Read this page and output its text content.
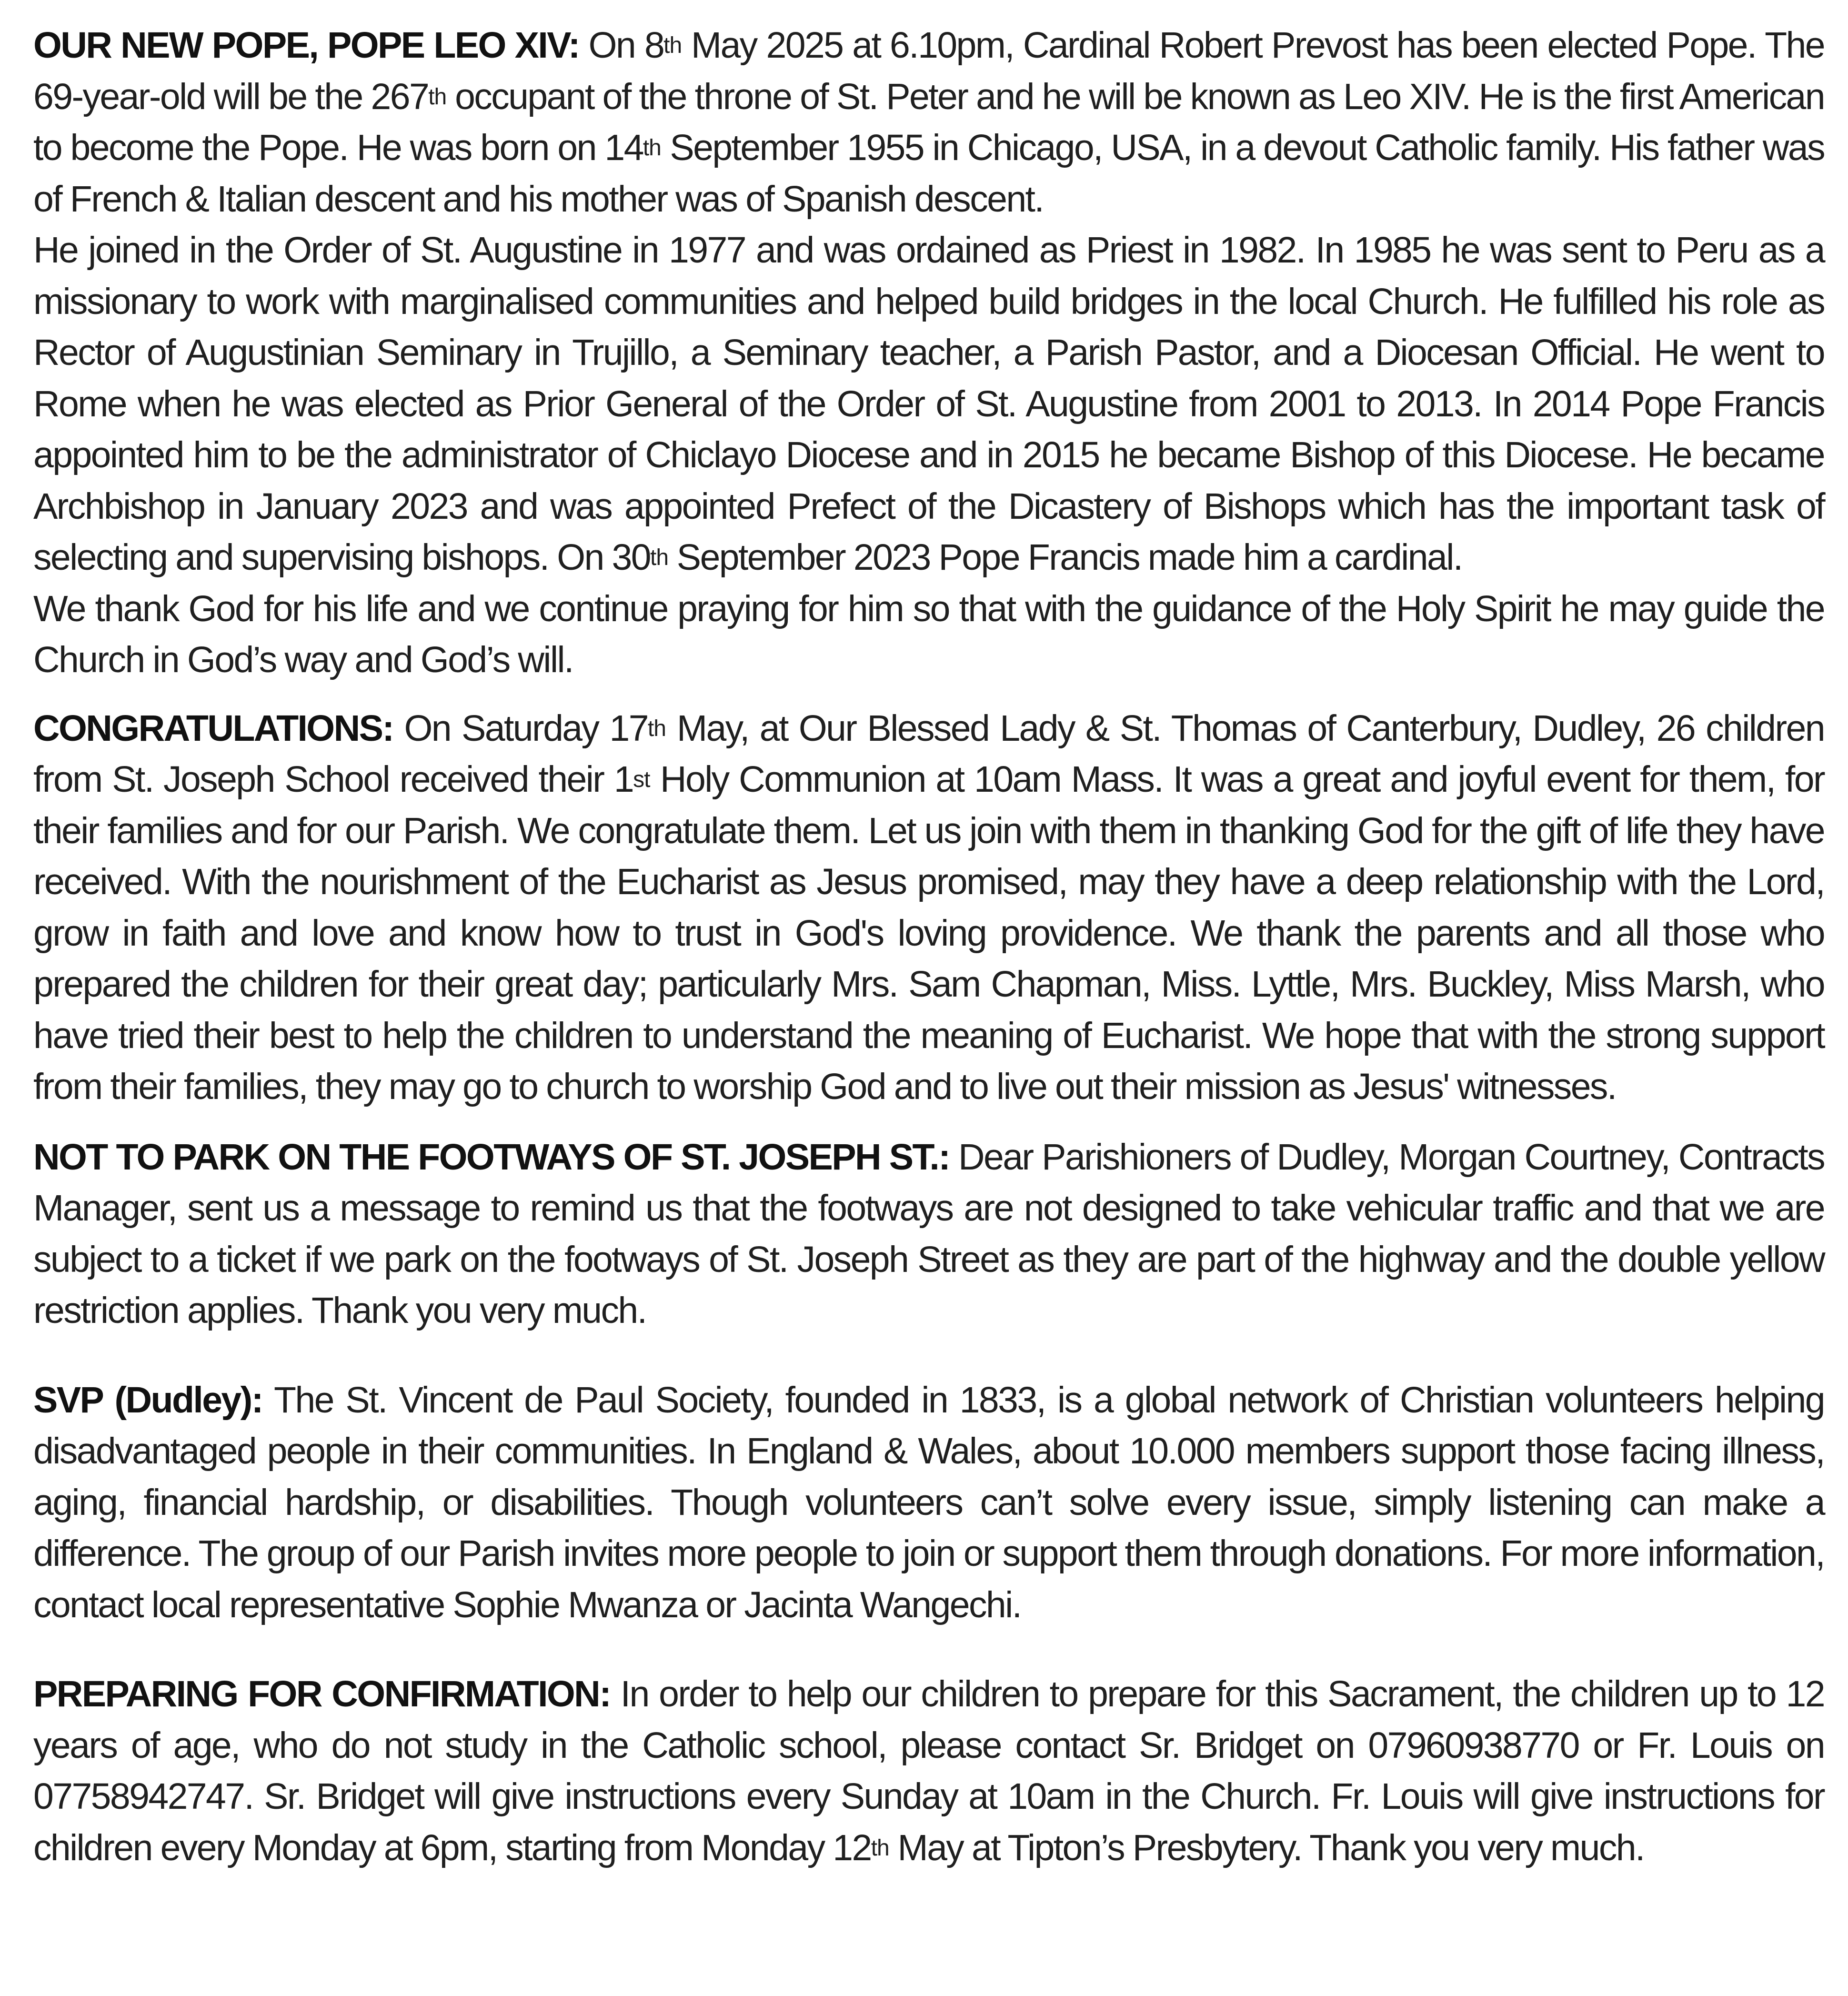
OUR NEW POPE, POPE LEO XIV: On 8th May 2025 at 6.10pm, Cardinal Robert Prevost has been elected Pope. The 69-year-old will be the 267th occupant of the throne of St. Peter and he will be known as Leo XIV. He is the first American to become the Pope. He was born on 14th September 1955 in Chicago, USA, in a devout Catholic family. His father was of French & Italian descent and his mother was of Spanish descent.

He joined in the Order of St. Augustine in 1977 and was ordained as Priest in 1982. In 1985 he was sent to Peru as a missionary to work with marginalised communities and helped build bridges in the local Church. He fulfilled his role as Rector of Augustinian Seminary in Trujillo, a Seminary teacher, a Parish Pastor, and a Diocesan Official. He went to Rome when he was elected as Prior General of the Order of St. Augustine from 2001 to 2013. In 2014 Pope Francis appointed him to be the administrator of Chiclayo Diocese and in 2015 he became Bishop of this Diocese. He became Archbishop in January 2023 and was appointed Prefect of the Dicastery of Bishops which has the important task of selecting and supervising bishops. On 30th September 2023 Pope Francis made him a cardinal.

We thank God for his life and we continue praying for him so that with the guidance of the Holy Spirit he may guide the Church in God’s way and God’s will.

CONGRATULATIONS: On Saturday 17th May, at Our Blessed Lady & St. Thomas of Canterbury, Dudley, 26 children from St. Joseph School received their 1st Holy Communion at 10am Mass. It was a great and joyful event for them, for their families and for our Parish. We congratulate them. Let us join with them in thanking God for the gift of life they have received. With the nourishment of the Eucharist as Jesus promised, may they have a deep relationship with the Lord, grow in faith and love and know how to trust in God's loving providence. We thank the parents and all those who prepared the children for their great day; particularly Mrs. Sam Chapman, Miss. Lyttle, Mrs. Buckley, Miss Marsh, who have tried their best to help the children to understand the meaning of Eucharist. We hope that with the strong support from their families, they may go to church to worship God and to live out their mission as Jesus' witnesses.

NOT TO PARK ON THE FOOTWAYS OF ST. JOSEPH ST.: Dear Parishioners of Dudley, Morgan Courtney, Contracts Manager, sent us a message to remind us that the footways are not designed to take vehicular traffic and that we are subject to a ticket if we park on the footways of St. Joseph Street as they are part of the highway and the double yellow restriction applies. Thank you very much.

SVP (Dudley): The St. Vincent de Paul Society, founded in 1833, is a global network of Christian volunteers helping disadvantaged people in their communities. In England & Wales, about 10.000 members support those facing illness, aging, financial hardship, or disabilities. Though volunteers can’t solve every issue, simply listening can make a difference. The group of our Parish invites more people to join or support them through donations. For more information, contact local representative Sophie Mwanza or Jacinta Wangechi.

PREPARING FOR CONFIRMATION: In order to help our children to prepare for this Sacrament, the children up to 12 years of age, who do not study in the Catholic school, please contact Sr. Bridget on 07960938770 or Fr. Louis on 07758942747. Sr. Bridget will give instructions every Sunday at 10am in the Church. Fr. Louis will give instructions for children every Monday at 6pm, starting from Monday 12th May at Tipton’s Presbytery. Thank you very much.
